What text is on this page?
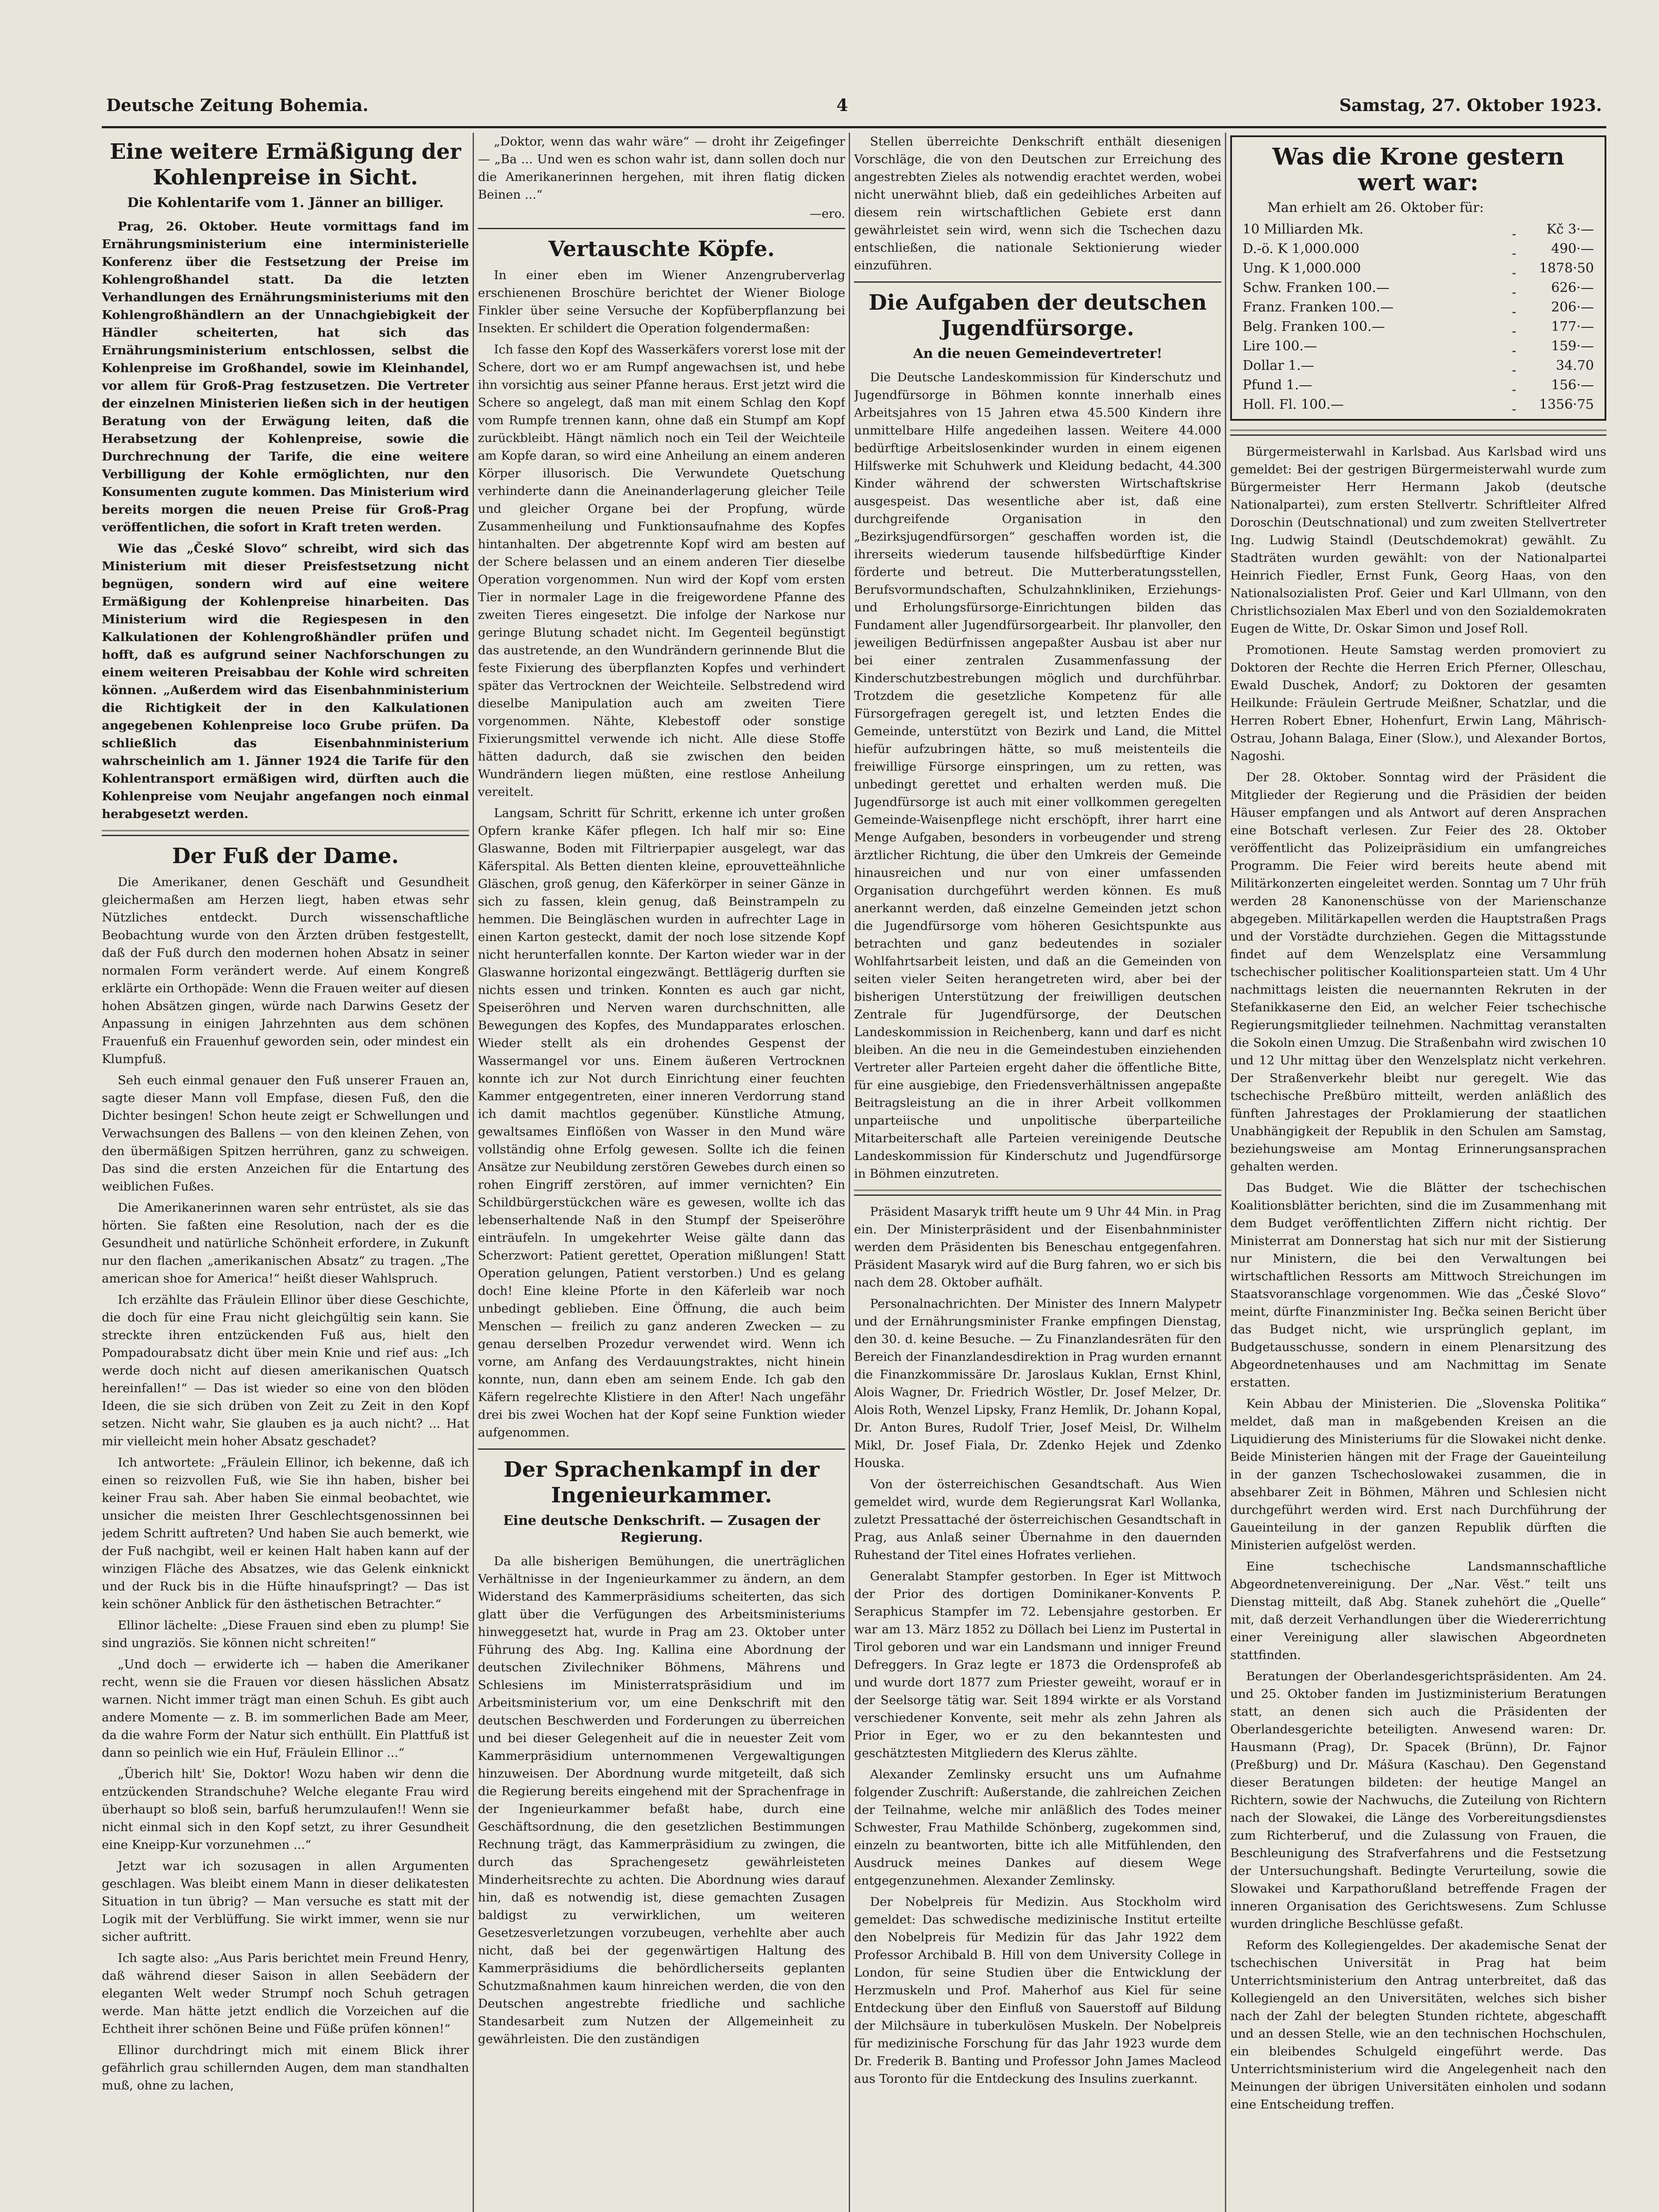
Deutsche Zeitung Bohemia.	4	Samstag, 27. Oktober 1923.
Eine weitere Ermäßigung der Kohlenpreise in Sicht.
Die Kohlentarife vom 1. Jänner an billiger.

Prag, 26. Oktober. Heute vormittags fand im Ernährungsministerium eine interministerielle Konferenz über die Festsetzung der Preise im Kohlengroßhandel statt. Da die letzten Verhandlungen des Ernährungsministeriums mit den Kohlengroßhändlern an der Unnachgiebigkeit der Händler scheiterten, hat sich das Ernährungsministerium entschlossen, selbst die Kohlenpreise im Großhandel, sowie im Kleinhandel, vor allem für Groß-Prag festzusetzen. Die Vertreter der einzelnen Ministerien ließen sich in der heutigen Beratung von der Erwägung leiten, daß die Herabsetzung der Kohlenpreise, sowie die Durchrechnung der Tarife, die eine weitere Verbilligung der Kohle ermöglichten, nur den Konsumenten zugute kommen. Das Ministerium wird bereits morgen die neuen Preise für Groß-Prag veröffentlichen, die sofort in Kraft treten werden.

Wie das „České Slovo“ schreibt, wird sich das Ministerium mit dieser Preisfestsetzung nicht begnügen, sondern wird auf eine weitere Ermäßigung der Kohlenpreise hinarbeiten. Das Ministerium wird die Regiespesen in den Kalkulationen der Kohlengroßhändler prüfen und hofft, daß es aufgrund seiner Nachforschungen zu einem weiteren Preisabbau der Kohle wird schreiten können. „Außerdem wird das Eisenbahnministerium die Richtigkeit der in den Kalkulationen angegebenen Kohlenpreise loco Grube prüfen. Da schließlich das Eisenbahnministerium wahrscheinlich am 1. Jänner 1924 die Tarife für den Kohlentransport ermäßigen wird, dürften auch die Kohlenpreise vom Neujahr angefangen noch einmal herabgesetzt werden.

Der Fuß der Dame.

Die Amerikaner, denen Geschäft und Gesundheit gleichermaßen am Herzen liegt, haben etwas sehr Nützliches entdeckt. Durch wissenschaftliche Beobachtung wurde von den Ärzten drüben festgestellt, daß der Fuß durch den modernen hohen Absatz in seiner normalen Form verändert werde. Auf einem Kongreß erklärte ein Orthopäde: Wenn die Frauen weiter auf diesen hohen Absätzen gingen, würde nach Darwins Gesetz der Anpassung in einigen Jahrzehnten aus dem schönen Frauenfuß ein Frauenhuf geworden sein, oder mindest ein Klumpfuß.

Seh euch einmal genauer den Fuß unserer Frauen an, sagte dieser Mann voll Empfase, diesen Fuß, den die Dichter besingen! Schon heute zeigt er Schwellungen und Verwachsungen des Ballens — von den kleinen Zehen, von den übermäßigen Spitzen herrühren, ganz zu schweigen. Das sind die ersten Anzeichen für die Entartung des weiblichen Fußes.

Die Amerikanerinnen waren sehr entrüstet, als sie das hörten. Sie faßten eine Resolution, nach der es die Gesundheit und natürliche Schönheit erfordere, in Zukunft nur den flachen „amerikanischen Absatz“ zu tragen. „The american shoe for America!“ heißt dieser Wahlspruch.

Ich erzählte das Fräulein Ellinor über diese Geschichte, die doch für eine Frau nicht gleichgültig sein kann. Sie streckte ihren entzückenden Fuß aus, hielt den Pompadourabsatz dicht über mein Knie und rief aus: „Ich werde doch nicht auf diesen amerikanischen Quatsch hereinfallen!“ — Das ist wieder so eine von den blöden Ideen, die sie sich drüben von Zeit zu Zeit in den Kopf setzen. Nicht wahr, Sie glauben es ja auch nicht? ... Hat mir vielleicht mein hoher Absatz geschadet?

Ich antwortete: „Fräulein Ellinor, ich bekenne, daß ich einen so reizvollen Fuß, wie Sie ihn haben, bisher bei keiner Frau sah. Aber haben Sie einmal beobachtet, wie unsicher die meisten Ihrer Geschlechtsgenossinnen bei jedem Schritt auftreten? Und haben Sie auch bemerkt, wie der Fuß nachgibt, weil er keinen Halt haben kann auf der winzigen Fläche des Absatzes, wie das Gelenk einknickt und der Ruck bis in die Hüfte hinaufspringt? — Das ist kein schöner Anblick für den ästhetischen Betrachter.“

Ellinor lächelte: „Diese Frauen sind eben zu plump! Sie sind ungraziös. Sie können nicht schreiten!“

„Und doch — erwiderte ich — haben die Amerikaner recht, wenn sie die Frauen vor diesen hässlichen Absatz warnen. Nicht immer trägt man einen Schuh. Es gibt auch andere Momente — z. B. im sommerlichen Bade am Meer, da die wahre Form der Natur sich enthüllt. Ein Plattfuß ist dann so peinlich wie ein Huf, Fräulein Ellinor ...“

„Überich hilt' Sie, Doktor! Wozu haben wir denn die entzückenden Strandschuhe? Welche elegante Frau wird überhaupt so bloß sein, barfuß herumzulaufen!! Wenn sie nicht einmal sich in den Kopf setzt, zu ihrer Gesundheit eine Kneipp-Kur vorzunehmen ...“

Jetzt war ich sozusagen in allen Argumenten geschlagen. Was bleibt einem Mann in dieser delikatesten Situation in tun übrig? — Man versuche es statt mit der Logik mit der Verblüffung. Sie wirkt immer, wenn sie nur sicher auftritt.

Ich sagte also: „Aus Paris berichtet mein Freund Henry, daß während dieser Saison in allen Seebädern der eleganten Welt weder Strumpf noch Schuh getragen werde. Man hätte jetzt endlich die Vorzeichen auf die Echtheit ihrer schönen Beine und Füße prüfen können!“

Ellinor durchdringt mich mit einem Blick ihrer gefährlich grau schillernden Augen, dem man standhalten muß, ohne zu lachen,

„Doktor, wenn das wahr wäre“ — droht ihr Zeigefinger — „Ba ... Und wen es schon wahr ist, dann sollen doch nur die Amerikanerinnen hergehen, mit ihren flatig dicken Beinen ...“

—ero.
Vertauschte Köpfe.

In einer eben im Wiener Anzengruberverlag erschienenen Broschüre berichtet der Wiener Biologe Finkler über seine Versuche der Kopfüberpflanzung bei Insekten. Er schildert die Operation folgendermaßen:

Ich fasse den Kopf des Wasserkäfers vorerst lose mit der Schere, dort wo er am Rumpf angewachsen ist, und hebe ihn vorsichtig aus seiner Pfanne heraus. Erst jetzt wird die Schere so angelegt, daß man mit einem Schlag den Kopf vom Rumpfe trennen kann, ohne daß ein Stumpf am Kopf zurückbleibt. Hängt nämlich noch ein Teil der Weichteile am Kopfe daran, so wird eine Anheilung an einem anderen Körper illusorisch. Die Verwundete Quetschung verhinderte dann die Aneinanderlagerung gleicher Teile und gleicher Organe bei der Propfung, würde Zusammenheilung und Funktionsaufnahme des Kopfes hintanhalten. Der abgetrennte Kopf wird am besten auf der Schere belassen und an einem anderen Tier dieselbe Operation vorgenommen. Nun wird der Kopf vom ersten Tier in normaler Lage in die freigewordene Pfanne des zweiten Tieres eingesetzt. Die infolge der Narkose nur geringe Blutung schadet nicht. Im Gegenteil begünstigt das austretende, an den Wundrändern gerinnende Blut die feste Fixierung des überpflanzten Kopfes und verhindert später das Vertrocknen der Weichteile. Selbstredend wird dieselbe Manipulation auch am zweiten Tiere vorgenommen. Nähte, Klebestoff oder sonstige Fixierungsmittel verwende ich nicht. Alle diese Stoffe hätten dadurch, daß sie zwischen den beiden Wundrändern liegen müßten, eine restlose Anheilung vereitelt.

Langsam, Schritt für Schritt, erkenne ich unter großen Opfern kranke Käfer pflegen. Ich half mir so: Eine Glaswanne, Boden mit Filtrierpapier ausgelegt, war das Käferspital. Als Betten dienten kleine, eprouvetteähnliche Gläschen, groß genug, den Käferkörper in seiner Gänze in sich zu fassen, klein genug, daß Beinstrampeln zu hemmen. Die Beingläschen wurden in aufrechter Lage in einen Karton gesteckt, damit der noch lose sitzende Kopf nicht herunterfallen konnte. Der Karton wieder war in der Glaswanne horizontal eingezwängt. Bettlägerig durften sie nichts essen und trinken. Konnten es auch gar nicht, Speiseröhren und Nerven waren durchschnitten, alle Bewegungen des Kopfes, des Mundapparates erloschen. Wieder stellt als ein drohendes Gespenst der Wassermangel vor uns. Einem äußeren Vertrocknen konnte ich zur Not durch Einrichtung einer feuchten Kammer entgegentreten, einer inneren Verdorrung stand ich damit machtlos gegenüber. Künstliche Atmung, gewaltsames Einflößen von Wasser in den Mund wäre vollständig ohne Erfolg gewesen. Sollte ich die feinen Ansätze zur Neubildung zerstören Gewebes durch einen so rohen Eingriff zerstören, auf immer vernichten? Ein Schildbürgerstückchen wäre es gewesen, wollte ich das lebenserhaltende Naß in den Stumpf der Speiseröhre einträufeln. In umgekehrter Weise gälte dann das Scherzwort: Patient gerettet, Operation mißlungen! Statt Operation gelungen, Patient verstorben.) Und es gelang doch! Eine kleine Pforte in den Käferleib war noch unbedingt geblieben. Eine Öffnung, die auch beim Menschen — freilich zu ganz anderen Zwecken — zu genau derselben Prozedur verwendet wird. Wenn ich vorne, am Anfang des Verdauungstraktes, nicht hinein konnte, nun, dann eben am seinem Ende. Ich gab den Käfern regelrechte Klistiere in den After! Nach ungefähr drei bis zwei Wochen hat der Kopf seine Funktion wieder aufgenommen.

Der Sprachenkampf in der Ingenieurkammer.
Eine deutsche Denkschrift. — Zusagen der Regierung.

Da alle bisherigen Bemühungen, die unerträglichen Verhältnisse in der Ingenieurkammer zu ändern, an dem Widerstand des Kammerpräsidiums scheiterten, das sich glatt über die Verfügungen des Arbeitsministeriums hinweggesetzt hat, wurde in Prag am 23. Oktober unter Führung des Abg. Ing. Kallina eine Abordnung der deutschen Zivilechniker Böhmens, Mährens und Schlesiens im Ministerratspräsidium und im Arbeitsministerium vor, um eine Denkschrift mit den deutschen Beschwerden und Forderungen zu überreichen und bei dieser Gelegenheit auf die in neuester Zeit vom Kammerpräsidium unternommenen Vergewaltigungen hinzuweisen. Der Abordnung wurde mitgeteilt, daß sich die Regierung bereits eingehend mit der Sprachenfrage in der Ingenieurkammer befaßt habe, durch eine Geschäftsordnung, die den gesetzlichen Bestimmungen Rechnung trägt, das Kammerpräsidium zu zwingen, die durch das Sprachengesetz gewährleisteten Minderheitsrechte zu achten. Die Abordnung wies darauf hin, daß es notwendig ist, diese gemachten Zusagen baldigst zu verwirklichen, um weiteren Gesetzesverletzungen vorzubeugen, verhehlte aber auch nicht, daß bei der gegenwärtigen Haltung des Kammerpräsidiums die behördlicherseits geplanten Schutzmaßnahmen kaum hinreichen werden, die von den Deutschen angestrebte friedliche und sachliche Standesarbeit zum Nutzen der Allgemeinheit zu gewährleisten. Die den zuständigen

Stellen überreichte Denkschrift enthält diesenigen Vorschläge, die von den Deutschen zur Erreichung des angestrebten Zieles als notwendig erachtet werden, wobei nicht unerwähnt blieb, daß ein gedeihliches Arbeiten auf diesem rein wirtschaftlichen Gebiete erst dann gewährleistet sein wird, wenn sich die Tschechen dazu entschließen, die nationale Sektionierung wieder einzuführen.

Die Aufgaben der deutschen Jugendfürsorge.
An die neuen Gemeindevertreter!

Die Deutsche Landeskommission für Kinderschutz und Jugendfürsorge in Böhmen konnte innerhalb eines Arbeitsjahres von 15 Jahren etwa 45.500 Kindern ihre unmittelbare Hilfe angedeihen lassen. Weitere 44.000 bedürftige Arbeitslosenkinder wurden in einem eigenen Hilfswerke mit Schuhwerk und Kleidung bedacht, 44.300 Kinder während der schwersten Wirtschaftskrise ausgespeist. Das wesentliche aber ist, daß eine durchgreifende Organisation in den „Bezirksjugendfürsorgen“ geschaffen worden ist, die ihrerseits wiederum tausende hilfsbedürftige Kinder förderte und betreut. Die Mutterberatungsstellen, Berufsvormundschaften, Schulzahnkliniken, Erziehungs- und Erholungsfürsorge-Einrichtungen bilden das Fundament aller Jugendfürsorgearbeit. Ihr planvoller, den jeweiligen Bedürfnissen angepaßter Ausbau ist aber nur bei einer zentralen Zusammenfassung der Kinderschutzbestrebungen möglich und durchführbar. Trotzdem die gesetzliche Kompetenz für alle Fürsorgefragen geregelt ist, und letzten Endes die Gemeinde, unterstützt von Bezirk und Land, die Mittel hiefür aufzubringen hätte, so muß meistenteils die freiwillige Fürsorge einspringen, um zu retten, was unbedingt gerettet und erhalten werden muß. Die Jugendfürsorge ist auch mit einer vollkommen geregelten Gemeinde-Waisenpflege nicht erschöpft, ihrer harrt eine Menge Aufgaben, besonders in vorbeugender und streng ärztlicher Richtung, die über den Umkreis der Gemeinde hinausreichen und nur von einer umfassenden Organisation durchgeführt werden können. Es muß anerkannt werden, daß einzelne Gemeinden jetzt schon die Jugendfürsorge vom höheren Gesichtspunkte aus betrachten und ganz bedeutendes in sozialer Wohlfahrtsarbeit leisten, und daß an die Gemeinden von seiten vieler Seiten herangetreten wird, aber bei der bisherigen Unterstützung der freiwilligen deutschen Zentrale für Jugendfürsorge, der Deutschen Landeskommission in Reichenberg, kann und darf es nicht bleiben. An die neu in die Gemeindestuben einziehenden Vertreter aller Parteien ergeht daher die öffentliche Bitte, für eine ausgiebige, den Friedensverhältnissen angepaßte Beitragsleistung an die in ihrer Arbeit vollkommen unparteiische und unpolitische überparteiliche Mitarbeiterschaft alle Parteien vereinigende Deutsche Landeskommission für Kinderschutz und Jugendfürsorge in Böhmen einzutreten.

Präsident Masaryk trifft heute um 9 Uhr 44 Min. in Prag ein. Der Ministerpräsident und der Eisenbahnminister werden dem Präsidenten bis Beneschau entgegenfahren. Präsident Masaryk wird auf die Burg fahren, wo er sich bis nach dem 28. Oktober aufhält.

Personalnachrichten. Der Minister des Innern Malypetr und der Ernährungsminister Franke empfingen Dienstag, den 30. d. keine Besuche. — Zu Finanzlandesräten für den Bereich der Finanzlandesdirektion in Prag wurden ernannt die Finanzkommissäre Dr. Jaroslaus Kuklan, Ernst Khinl, Alois Wagner, Dr. Friedrich Wöstler, Dr. Josef Melzer, Dr. Alois Roth, Wenzel Lipsky, Franz Hemlik, Dr. Johann Kopal, Dr. Anton Bures, Rudolf Trier, Josef Meisl, Dr. Wilhelm Mikl, Dr. Josef Fiala, Dr. Zdenko Hejek und Zdenko Houska.

Von der österreichischen Gesandtschaft. Aus Wien gemeldet wird, wurde dem Regierungsrat Karl Wollanka, zuletzt Pressattaché der österreichischen Gesandtschaft in Prag, aus Anlaß seiner Übernahme in den dauernden Ruhestand der Titel eines Hofrates verliehen.

Generalabt Stampfer gestorben. In Eger ist Mittwoch der Prior des dortigen Dominikaner-Konvents P. Seraphicus Stampfer im 72. Lebensjahre gestorben. Er war am 13. März 1852 zu Döllach bei Lienz im Pustertal in Tirol geboren und war ein Landsmann und inniger Freund Defreggers. In Graz legte er 1873 die Ordensprofeß ab und wurde dort 1877 zum Priester geweiht, worauf er in der Seelsorge tätig war. Seit 1894 wirkte er als Vorstand verschiedener Konvente, seit mehr als zehn Jahren als Prior in Eger, wo er zu den bekanntesten und geschätztesten Mitgliedern des Klerus zählte.

Alexander Zemlinsky ersucht uns um Aufnahme folgender Zuschrift: Außerstande, die zahlreichen Zeichen der Teilnahme, welche mir anläßlich des Todes meiner Schwester, Frau Mathilde Schönberg, zugekommen sind, einzeln zu beantworten, bitte ich alle Mitfühlenden, den Ausdruck meines Dankes auf diesem Wege entgegenzunehmen. Alexander Zemlinsky.

Der Nobelpreis für Medizin. Aus Stockholm wird gemeldet: Das schwedische medizinische Institut erteilte den Nobelpreis für Medizin für das Jahr 1922 dem Professor Archibald B. Hill von dem University College in London, für seine Studien über die Entwicklung der Herzmuskeln und Prof. Maherhof aus Kiel für seine Entdeckung über den Einfluß von Sauerstoff auf Bildung der Milchsäure in tuberkulösen Muskeln. Der Nobelpreis für medizinische Forschung für das Jahr 1923 wurde dem Dr. Frederik B. Banting und Professor John James Macleod aus Toronto für die Entdeckung des Insulins zuerkannt.

Was die Krone gestern wert war:
Man erhielt am 26. Oktober für:
10 Milliarden Mk.		Kč 3·—
D.-ö. K 1,000.000		490·—
Ung. K 1,000.000		1878·50
Schw. Franken 100.—		626·—
Franz. Franken 100.—		206·—
Belg. Franken 100.—		177·—
Lire 100.—		159·—
Dollar 1.—		34.70
Pfund 1.—		156·—
Holl. Fl. 100.—		1356·75

Bürgermeisterwahl in Karlsbad. Aus Karlsbad wird uns gemeldet: Bei der gestrigen Bürgermeisterwahl wurde zum Bürgermeister Herr Hermann Jakob (deutsche Nationalpartei), zum ersten Stellvertr. Schriftleiter Alfred Doroschin (Deutschnational) und zum zweiten Stellvertreter Ing. Ludwig Staindl (Deutschdemokrat) gewählt. Zu Stadträten wurden gewählt: von der Nationalpartei Heinrich Fiedler, Ernst Funk, Georg Haas, von den Nationalsozialisten Prof. Geier und Karl Ullmann, von den Christlichsozialen Max Eberl und von den Sozialdemokraten Eugen de Witte, Dr. Oskar Simon und Josef Roll.

Promotionen. Heute Samstag werden promoviert zu Doktoren der Rechte die Herren Erich Pferner, Olleschau, Ewald Duschek, Andorf; zu Doktoren der gesamten Heilkunde: Fräulein Gertrude Meißner, Schatzlar, und die Herren Robert Ebner, Hohenfurt, Erwin Lang, Mährisch-Ostrau, Johann Balaga, Einer (Slow.), und Alexander Bortos, Nagoshi.

Der 28. Oktober. Sonntag wird der Präsident die Mitglieder der Regierung und die Präsidien der beiden Häuser empfangen und als Antwort auf deren Ansprachen eine Botschaft verlesen. Zur Feier des 28. Oktober veröffentlicht das Polizeipräsidium ein umfangreiches Programm. Die Feier wird bereits heute abend mit Militärkonzerten eingeleitet werden. Sonntag um 7 Uhr früh werden 28 Kanonenschüsse von der Marienschanze abgegeben. Militärkapellen werden die Hauptstraßen Prags und der Vorstädte durchziehen. Gegen die Mittagsstunde findet auf dem Wenzelsplatz eine Versammlung tschechischer politischer Koalitionsparteien statt. Um 4 Uhr nachmittags leisten die neuernannten Rekruten in der Stefanikkaserne den Eid, an welcher Feier tschechische Regierungsmitglieder teilnehmen. Nachmittag veranstalten die Sokoln einen Umzug. Die Straßenbahn wird zwischen 10 und 12 Uhr mittag über den Wenzelsplatz nicht verkehren. Der Straßenverkehr bleibt nur geregelt. Wie das tschechische Preßbüro mitteilt, werden anläßlich des fünften Jahrestages der Proklamierung der staatlichen Unabhängigkeit der Republik in den Schulen am Samstag, beziehungsweise am Montag Erinnerungsansprachen gehalten werden.

Das Budget. Wie die Blätter der tschechischen Koalitionsblätter berichten, sind die im Zusammenhang mit dem Budget veröffentlichten Ziffern nicht richtig. Der Ministerrat am Donnerstag hat sich nur mit der Sistierung nur Ministern, die bei den Verwaltungen bei wirtschaftlichen Ressorts am Mittwoch Streichungen im Staatsvoranschlage vorgenommen. Wie das „České Slovo“ meint, dürfte Finanzminister Ing. Bečka seinen Bericht über das Budget nicht, wie ursprünglich geplant, im Budgetausschusse, sondern in einem Plenarsitzung des Abgeordnetenhauses und am Nachmittag im Senate erstatten.

Kein Abbau der Ministerien. Die „Slovenska Politika“ meldet, daß man in maßgebenden Kreisen an die Liquidierung des Ministeriums für die Slowakei nicht denke. Beide Ministerien hängen mit der Frage der Gaueinteilung in der ganzen Tschechoslowakei zusammen, die in absehbarer Zeit in Böhmen, Mähren und Schlesien nicht durchgeführt werden wird. Erst nach Durchführung der Gaueinteilung in der ganzen Republik dürften die Ministerien aufgelöst werden.

Eine tschechische Landsmannschaftliche Abgeordnetenvereinigung. Der „Nar. Věst.“ teilt uns Dienstag mitteilt, daß Abg. Stanek zuhehört die „Quelle“ mit, daß derzeit Verhandlungen über die Wiedererrichtung einer Vereinigung aller slawischen Abgeordneten stattfinden.

Beratungen der Oberlandesgerichtspräsidenten. Am 24. und 25. Oktober fanden im Justizministerium Beratungen statt, an denen sich auch die Präsidenten der Oberlandesgerichte beteiligten. Anwesend waren: Dr. Hausmann (Prag), Dr. Spacek (Brünn), Dr. Fajnor (Preßburg) und Dr. Mášura (Kaschau). Den Gegenstand dieser Beratungen bildeten: der heutige Mangel an Richtern, sowie der Nachwuchs, die Zuteilung von Richtern nach der Slowakei, die Länge des Vorbereitungsdienstes zum Richterberuf, und die Zulassung von Frauen, die Beschleunigung des Strafverfahrens und die Festsetzung der Untersuchungshaft. Bedingte Verurteilung, sowie die Slowakei und Karpathorußland betreffende Fragen der inneren Organisation des Gerichtswesens. Zum Schlusse wurden dringliche Beschlüsse gefaßt.

Reform des Kollegiengeldes. Der akademische Senat der tschechischen Universität in Prag hat beim Unterrichtsministerium den Antrag unterbreitet, daß das Kollegiengeld an den Universitäten, welches sich bisher nach der Zahl der belegten Stunden richtete, abgeschafft und an dessen Stelle, wie an den technischen Hochschulen, ein bleibendes Schulgeld eingeführt werde. Das Unterrichtsministerium wird die Angelegenheit nach den Meinungen der übrigen Universitäten einholen und sodann eine Entscheidung treffen.
